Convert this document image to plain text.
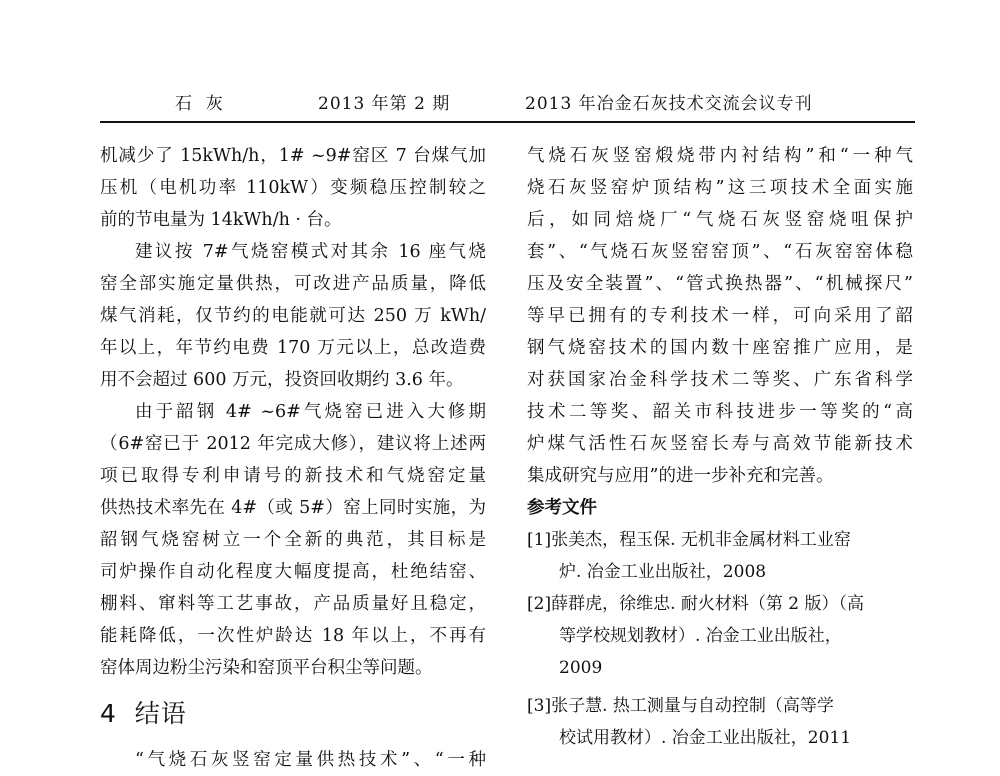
石  灰	2013 年第 2 期	2013 年冶金石灰技术交流会议专刊
机减少了 15kWh/h，1# ~9#窑区 7 台煤气加
压机（电机功率 110kW）变频稳压控制较之
前的节电量为 14kWh/h · 台。
建议按 7#气烧窑模式对其余 16 座气烧
窑全部实施定量供热，可改进产品质量，降低
煤气消耗，仅节约的电能就可达 250 万 kWh/
年以上，年节约电费 170 万元以上，总改造费
用不会超过 600 万元，投资回收期约 3.6 年。
由于韶钢 4# ~6#气烧窑已进入大修期
（6#窑已于 2012 年完成大修），建议将上述两
项已取得专利申请号的新技术和气烧窑定量
供热技术率先在 4#（或 5#）窑上同时实施，为
韶钢气烧窑树立一个全新的典范，其目标是
司炉操作自动化程度大幅度提高，杜绝结窑、
棚料、窜料等工艺事故，产品质量好且稳定，
能耗降低，一次性炉龄达 18 年以上，不再有
窑体周边粉尘污染和窑顶平台积尘等问题。
4  结语
“气烧石灰竖窑定量供热技术”、“一种
气烧石灰竖窑煅烧带内衬结构”和“一种气
烧石灰竖窑炉顶结构”这三项技术全面实施
后，如同焙烧厂“气烧石灰竖窑烧咀保护
套”、“气烧石灰竖窑窑顶”、“石灰窑窑体稳
压及安全装置”、“管式换热器”、“机械探尺”
等早已拥有的专利技术一样，可向采用了韶
钢气烧窑技术的国内数十座窑推广应用，是
对获国家冶金科学技术二等奖、广东省科学
技术二等奖、韶关市科技进步一等奖的“高
炉煤气活性石灰竖窑长寿与高效节能新技术
集成研究与应用”的进一步补充和完善。
参考文件
[1]张美杰，程玉保. 无机非金属材料工业窑
炉. 冶金工业出版社，2008
[2]薛群虎，徐维忠. 耐火材料（第 2 版）（高
等学校规划教材）. 冶金工业出版社，
2009
[3]张子慧. 热工测量与自动控制（高等学
校试用教材）. 冶金工业出版社，2011
